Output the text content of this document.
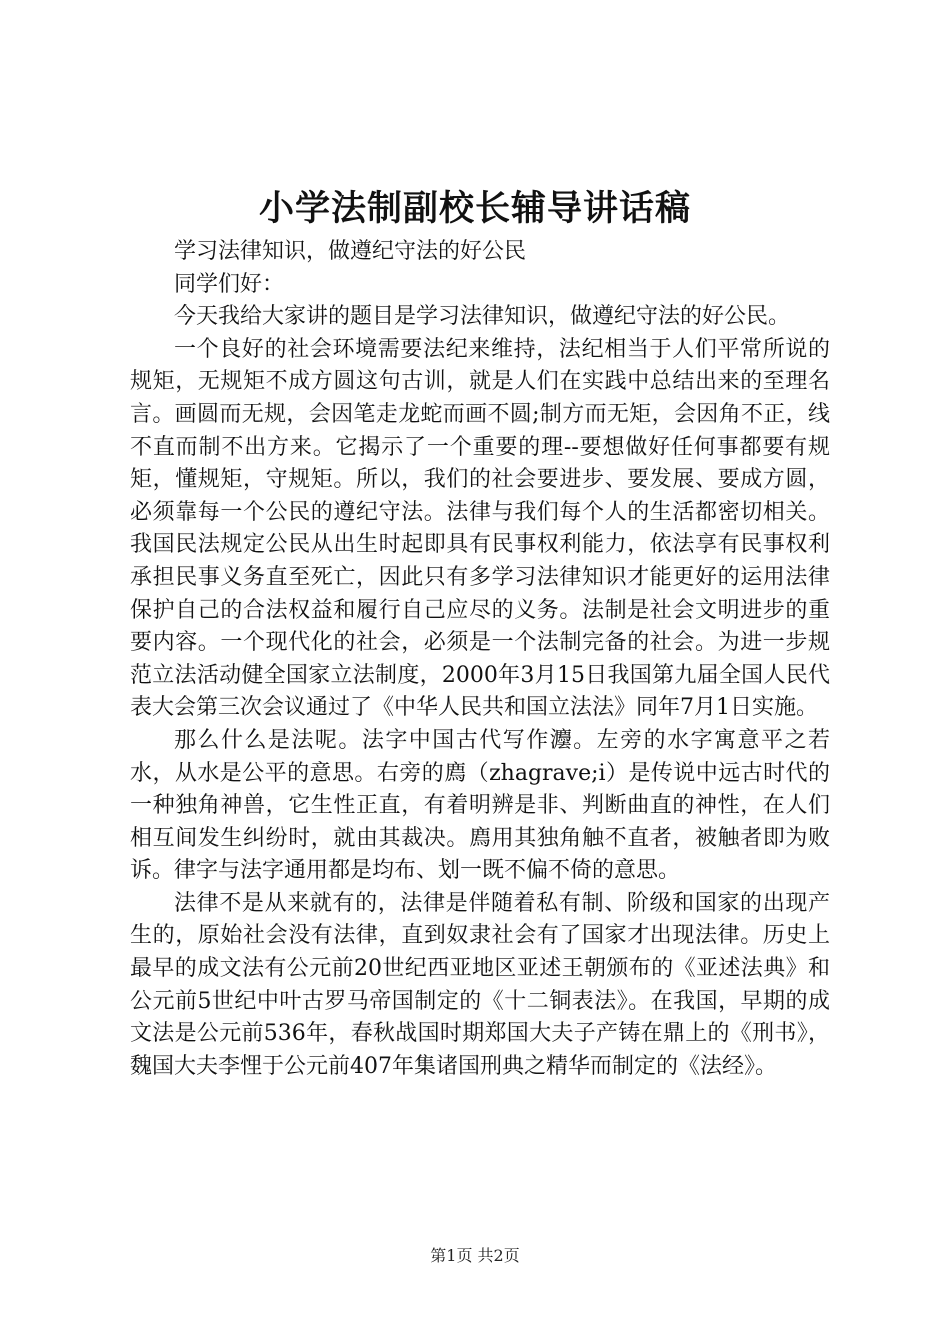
小学法制副校长辅导讲话稿

学习法律知识，做遵纪守法的好公民

同学们好：

今天我给大家讲的题目是学习法律知识，做遵纪守法的好公民。

一个良好的社会环境需要法纪来维持，法纪相当于人们平常所说的规矩，无规矩不成方圆这句古训，就是人们在实践中总结出来的至理名言。画圆而无规，会因笔走龙蛇而画不圆;制方而无矩，会因角不正，线不直而制不出方来。它揭示了一个重要的理--要想做好任何事都要有规矩，懂规矩，守规矩。所以，我们的社会要进步、要发展、要成方圆，必须靠每一个公民的遵纪守法。法律与我们每个人的生活都密切相关。我国民法规定公民从出生时起即具有民事权利能力，依法享有民事权利承担民事义务直至死亡，因此只有多学习法律知识才能更好的运用法律保护自己的合法权益和履行自己应尽的义务。法制是社会文明进步的重要内容。一个现代化的社会，必须是一个法制完备的社会。为进一步规范立法活动健全国家立法制度，2000年3月15日我国第九届全国人民代表大会第三次会议通过了《中华人民共和国立法法》同年7月1日实施。

那么什么是法呢。法字中国古代写作灋。左旁的水字寓意平之若水，从水是公平的意思。右旁的廌（zhagrave;i）是传说中远古时代的一种独角神兽，它生性正直，有着明辨是非、判断曲直的神性，在人们相互间发生纠纷时，就由其裁决。廌用其独角触不直者，被触者即为败诉。律字与法字通用都是均布、划一既不偏不倚的意思。

法律不是从来就有的，法律是伴随着私有制、阶级和国家的出现产生的，原始社会没有法律，直到奴隶社会有了国家才出现法律。历史上最早的成文法有公元前20世纪西亚地区亚述王朝颁布的《亚述法典》和公元前5世纪中叶古罗马帝国制定的《十二铜表法》。在我国，早期的成文法是公元前536年，春秋战国时期郑国大夫子产铸在鼎上的《刑书》，魏国大夫李悝于公元前407年集诸国刑典之精华而制定的《法经》。

第1页 共2页
